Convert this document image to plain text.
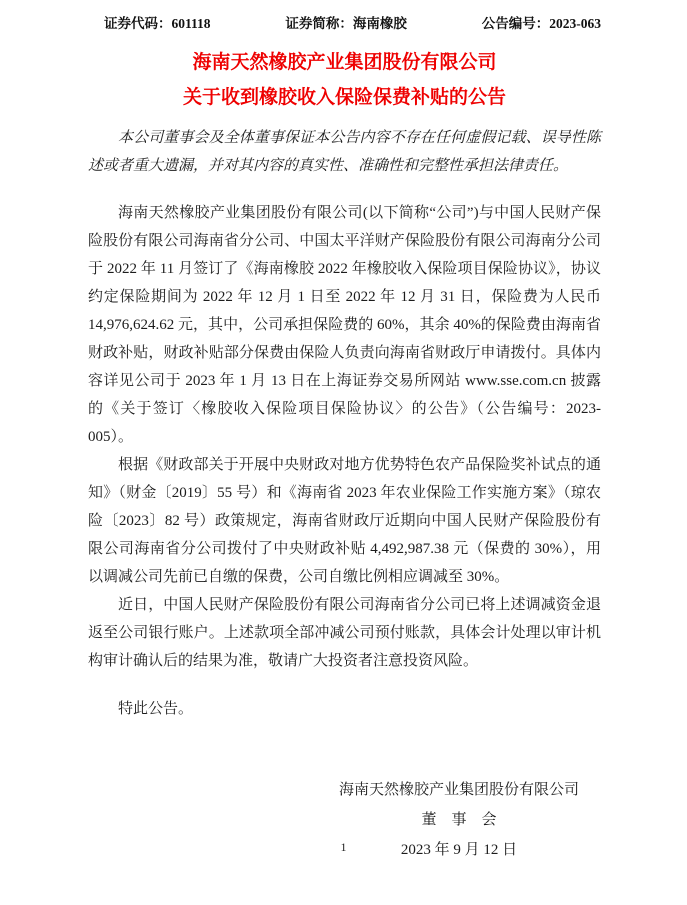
证券代码：601118	证券简称：海南橡胶	公告编号：2023-063
海南天然橡胶产业集团股份有限公司
关于收到橡胶收入保险保费补贴的公告

本公司董事会及全体董事保证本公告内容不存在任何虚假记载、误导性陈述或者重大遗漏，并对其内容的真实性、准确性和完整性承担法律责任。

海南天然橡胶产业集团股份有限公司(以下简称“公司”)与中国人民财产保险股份有限公司海南省分公司、中国太平洋财产保险股份有限公司海南分公司于 2022 年 11 月签订了《海南橡胶 2022 年橡胶收入保险项目保险协议》，协议约定保险期间为 2022 年 12 月 1 日至 2022 年 12 月 31 日，保险费为人民币 14,976,624.62 元，其中，公司承担保险费的 60%，其余 40%的保险费由海南省财政补贴，财政补贴部分保费由保险人负责向海南省财政厅申请拨付。具体内容详见公司于 2023 年 1 月 13 日在上海证券交易所网站 www.sse.com.cn 披露的《关于签订〈橡胶收入保险项目保险协议〉的公告》（公告编号：2023-005）。

根据《财政部关于开展中央财政对地方优势特色农产品保险奖补试点的通知》（财金〔2019〕55 号）和《海南省 2023 年农业保险工作实施方案》（琼农险〔2023〕82 号）政策规定，海南省财政厅近期向中国人民财产保险股份有限公司海南省分公司拨付了中央财政补贴 4,492,987.38 元（保费的 30%），用以调减公司先前已自缴的保费，公司自缴比例相应调减至 30%。

近日，中国人民财产保险股份有限公司海南省分公司已将上述调减资金退返至公司银行账户。上述款项全部冲减公司预付账款，具体会计处理以审计机构审计确认后的结果为准，敬请广大投资者注意投资风险。

特此公告。

海南天然橡胶产业集团股份有限公司
董　事　会
2023 年 9 月 12 日
1
